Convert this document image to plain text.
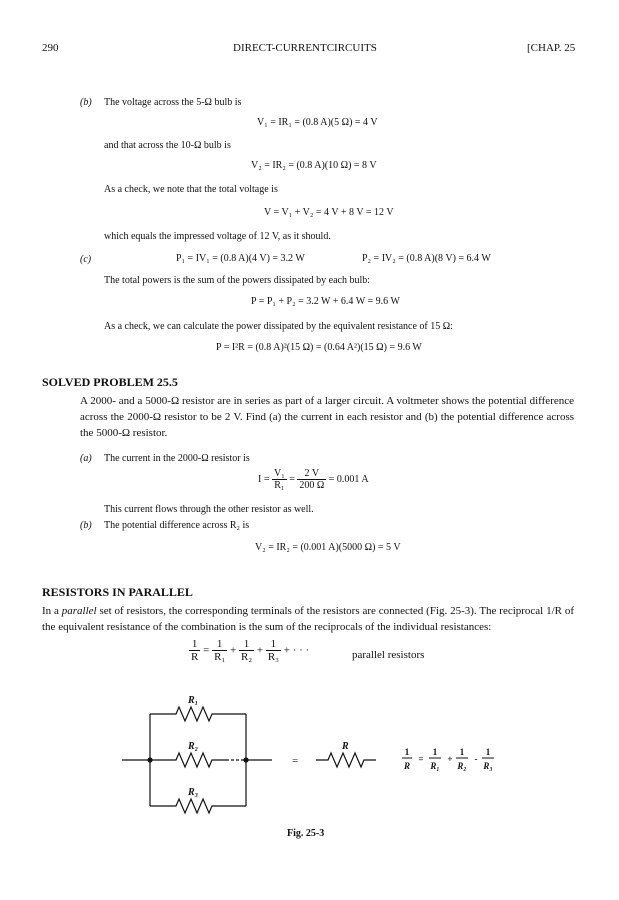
290	DIRECT-CURRENTCIRCUITS	[CHAP. 25
(b) The voltage across the 5-Ω bulb is
V₁ = IR₁ = (0.8 A)(5 Ω) = 4 V
and that across the 10-Ω bulb is
V₂ = IR₂ = (0.8 A)(10 Ω) = 8 V
As a check, we note that the total voltage is
V = V₁ + V₂ = 4 V + 8 V = 12 V
which equals the impressed voltage of 12 V, as it should.
(c)	P₁ = IV₁ = (0.8 A)(4 V) = 3.2 W	P₂ = IV₂ = (0.8 A)(8 V) = 6.4 W
The total powers is the sum of the powers dissipated by each bulb:
P = P₁ + P₂ = 3.2 W + 6.4 W = 9.6 W
As a check, we can calculate the power dissipated by the equivalent resistance of 15 Ω:
P = I²R = (0.8 A)²(15 Ω) = (0.64 A²)(15 Ω) = 9.6 W
SOLVED PROBLEM 25.5
A 2000- and a 5000-Ω resistor are in series as part of a larger circuit. A voltmeter shows the potential difference across the 2000-Ω resistor to be 2 V. Find (a) the current in each resistor and (b) the potential difference across the 5000-Ω resistor.
(a) The current in the 2000-Ω resistor is
$I = \frac{\text{V₁}}{\text{R₁}} = \frac{2 V}{200 \Omega} = 0.001$ A
This current flows through the other resistor as well.
(b) The potential difference across R₂ is
V₂ = IR₂ = (0.001 A)(5000 Ω) = 5 V
RESISTORS IN PARALLEL
In a parallel set of resistors, the corresponding terminals of the resistors are connected (Fig. 25-3). The reciprocal 1/R of the equivalent resistance of the combination is the sum of the reciprocals of the individual resistances:
$\frac{1}{R} = \frac{1}{\text{R₁}} + \frac{1}{\text{R₂}} + \frac{1}{\text{R₃}}$ + · · ·	parallel resistors
R₁
R₂
R₃
R
=
1
R
=
1
R₁
+
1
R₂
-
1
R₃
Fig. 25-3
